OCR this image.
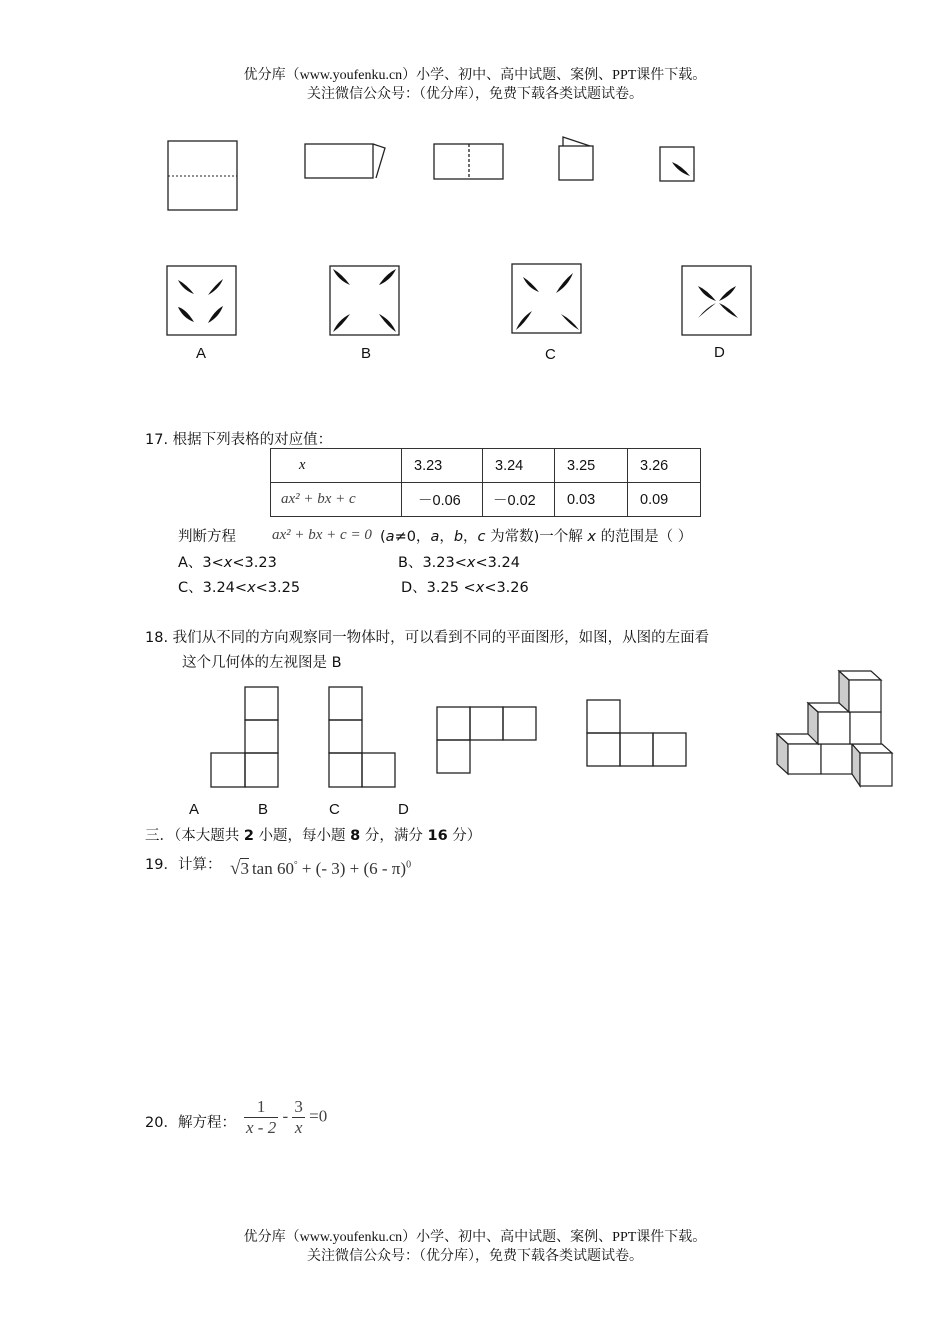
优分库（www.youfenku.cn）小学、初中、高中试题、案例、PPT课件下载。
关注微信公众号：（优分库），免费下载各类试题试卷。
A	B	C	D
17. 根据下列表格的对应值：
x	3.23	3.24	3.25	3.26
ax² + bx + c	－0.06	－0.02	0.03	0.09
判断方程 ax² + bx + c = 0 (a≠0，a，b，c 为常数)一个解 x 的范围是（ ）
A、3<x<3.23	B、3.23<x<3.24
C、3.24<x<3.25	D、3.25 <x<3.26
18. 我们从不同的方向观察同一物体时，可以看到不同的平面图形，如图，从图的左面看
这个几何体的左视图是 B
A	B	C	D
三．（本大题共 2 小题，每小题 8 分，满分 16 分）
19．计算： √3 tan 60° + (- 3) + (6 - π)$^0$
20．解方程： $\frac{1}{x - 2} - \frac{3}{x} =0$
优分库（www.youfenku.cn）小学、初中、高中试题、案例、PPT课件下载。
关注微信公众号：（优分库），免费下载各类试题试卷。
